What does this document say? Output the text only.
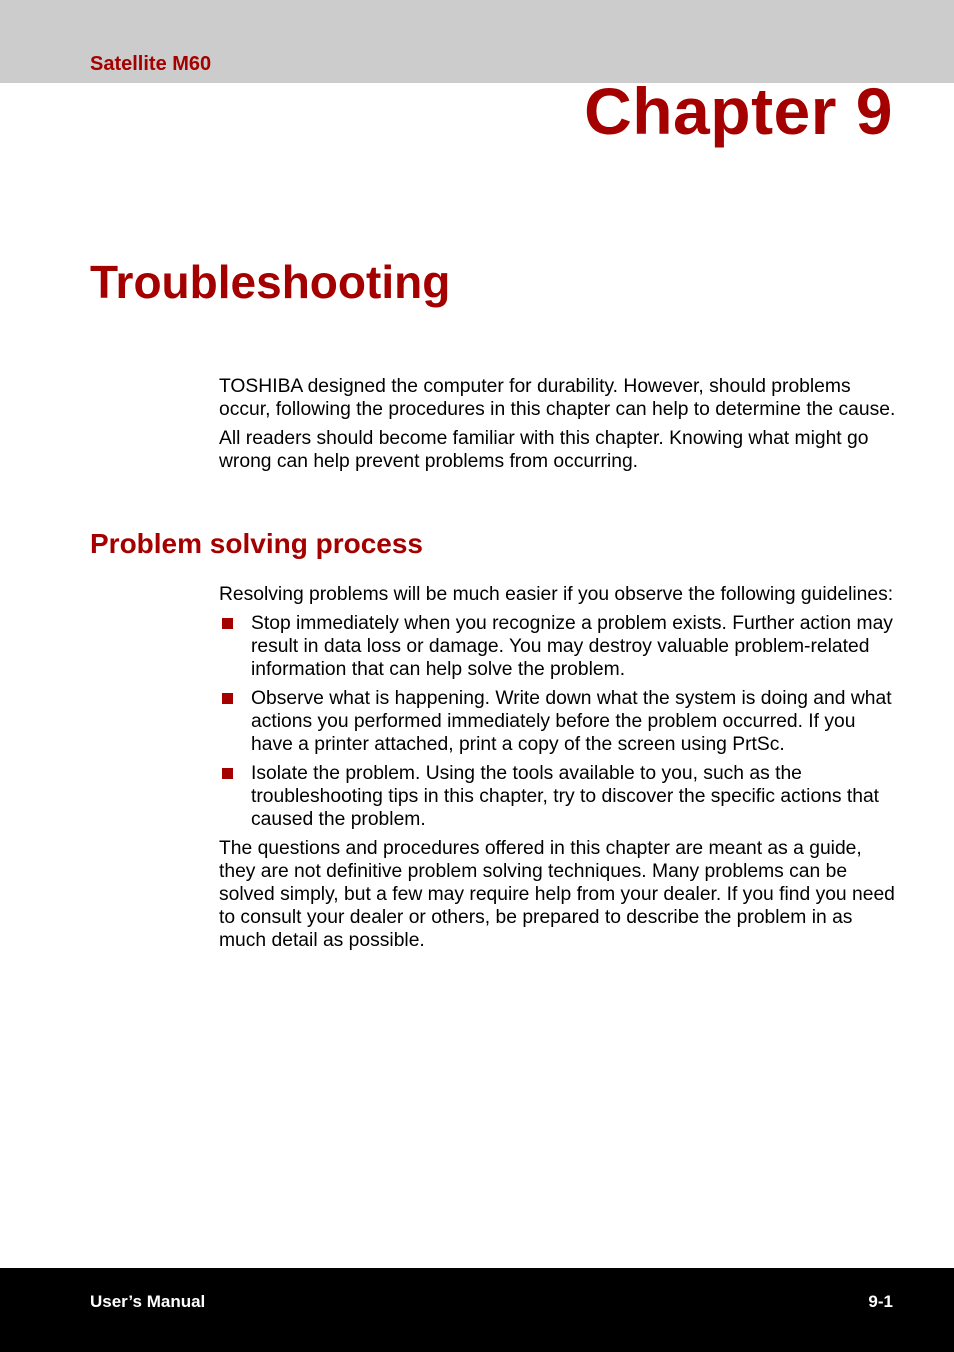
Satellite M60
Chapter 9
Troubleshooting

TOSHIBA designed the computer for durability. However, should problems occur, following the procedures in this chapter can help to determine the cause.

All readers should become familiar with this chapter. Knowing what might go wrong can help prevent problems from occurring.

Problem solving process

Resolving problems will be much easier if you observe the following guidelines:

Stop immediately when you recognize a problem exists. Further action may result in data loss or damage. You may destroy valuable problem-related information that can help solve the problem.
Observe what is happening. Write down what the system is doing and what actions you performed immediately before the problem occurred. If you have a printer attached, print a copy of the screen using PrtSc.
Isolate the problem. Using the tools available to you, such as the troubleshooting tips in this chapter, try to discover the specific actions that caused the problem.

The questions and procedures offered in this chapter are meant as a guide, they are not definitive problem solving techniques. Many problems can be solved simply, but a few may require help from your dealer. If you find you need to consult your dealer or others, be prepared to describe the problem in as much detail as possible.

User’s Manual	9-1
